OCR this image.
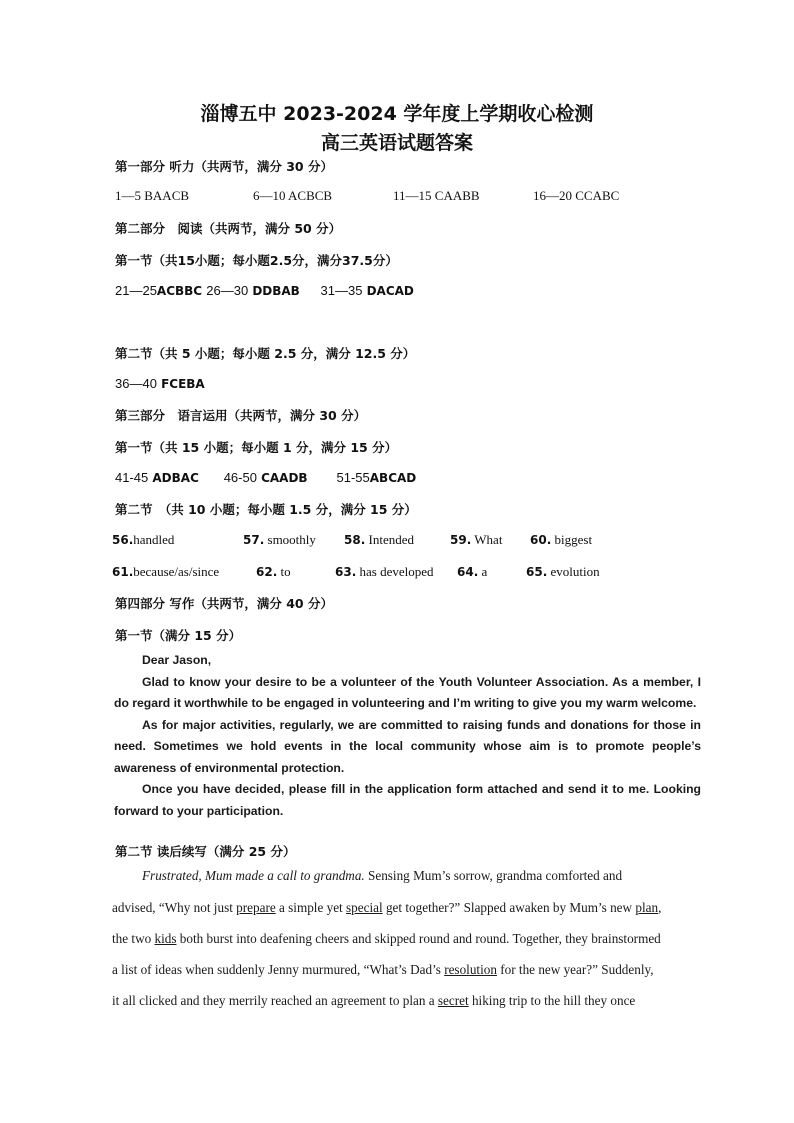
淄博五中 2023-2024 学年度上学期收心检测
高三英语试题答案
第一部分 听力（共两节，满分 30 分）
1—5 BAACB	6—10 ACBCB	11—15 CAABB	16—20 CCABC
第二部分　阅读（共两节，满分 50 分）
第一节（共15小题；每小题2.5分，满分37.5分）
21—25ACBBC 26—30 DDBAB 31—35 DACAD
第二节（共 5 小题；每小题 2.5 分，满分 12.5 分）
36—40 FCEBA
第三部分　语言运用（共两节，满分 30 分）
第一节（共 15 小题；每小题 1 分，满分 15 分）
41-45 ADBAC 46-50 CAADB 51-55ABCAD
第二节　（共 10 小题；每小题 1.5 分，满分 15 分）
56.handled	57. smoothly 58. Intended	59. What 60. biggest
61.because/as/since	62. to	63. has developed 64. a	65. evolution
第四部分 写作（共两节，满分 40 分）
第一节（满分 15 分）

Dear Jason,

Glad to know your desire to be a volunteer of the Youth Volunteer Association. As a member, I do regard it worthwhile to be engaged in volunteering and I’m writing to give you my warm welcome.

As for major activities, regularly, we are committed to raising funds and donations for those in need. Sometimes we hold events in the local community whose aim is to promote people’s awareness of environmental protection.

Once you have decided, please fill in the application form attached and send it to me. Looking forward to your participation.

第二节 读后续写（满分 25 分）
Frustrated, Mum made a call to grandma. Sensing Mum’s sorrow, grandma comforted and
advised, “Why not just prepare a simple yet special get together?” Slapped awaken by Mum’s new plan,
the two kids both burst into deafening cheers and skipped round and round. Together, they brainstormed
a list of ideas when suddenly Jenny murmured, “What’s Dad’s resolution for the new year?” Suddenly,
it all clicked and they merrily reached an agreement to plan a secret hiking trip to the hill they once
